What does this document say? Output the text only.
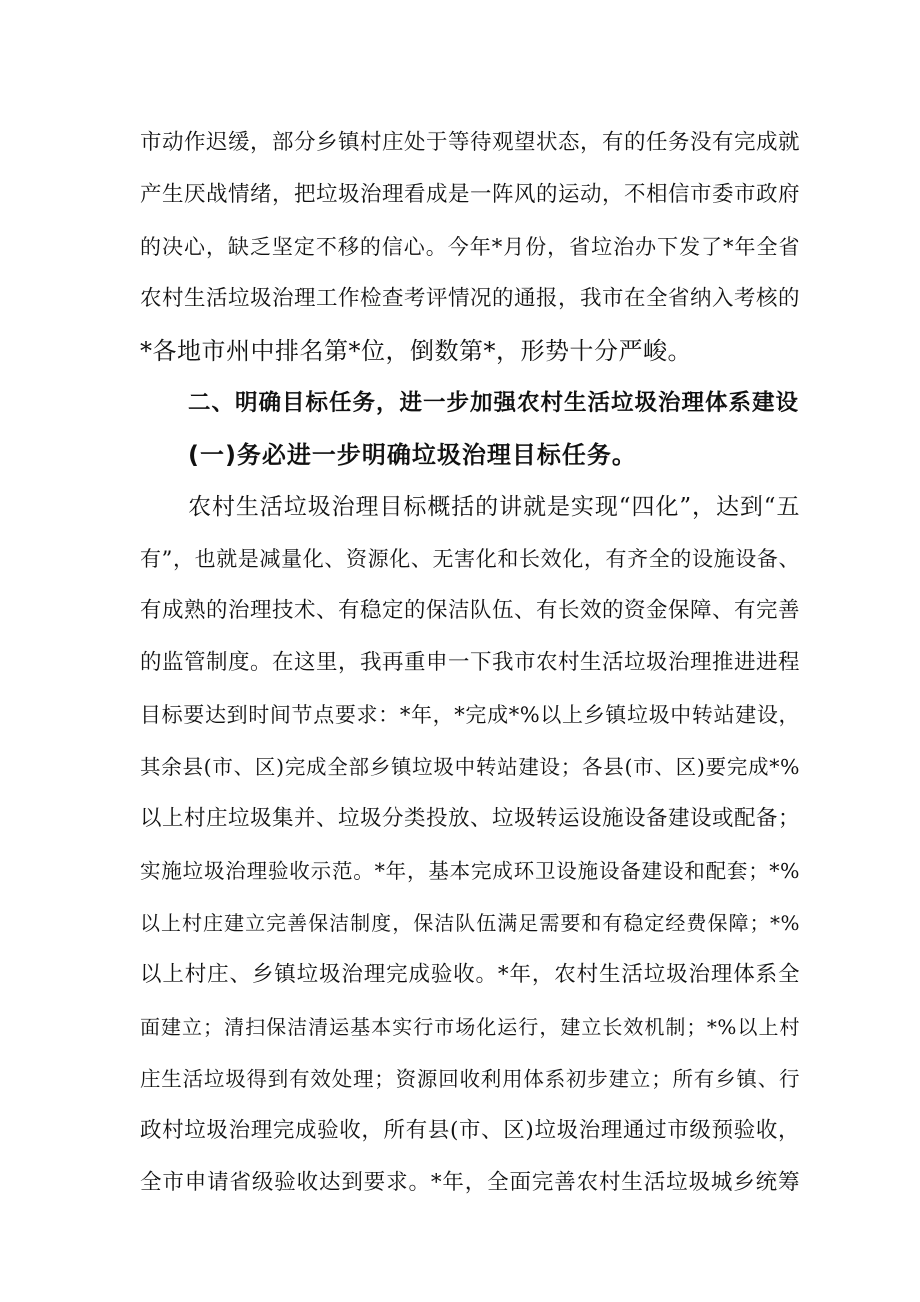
市动作迟缓，部分乡镇村庄处于等待观望状态，有的任务没有完成就
产生厌战情绪，把垃圾治理看成是一阵风的运动，不相信市委市政府
的决心，缺乏坚定不移的信心。今年*月份，省垃治办下发了*年全省
农村生活垃圾治理工作检查考评情况的通报，我市在全省纳入考核的
*各地市州中排名第*位，倒数第*，形势十分严峻。
二、明确目标任务，进一步加强农村生活垃圾治理体系建设
(一)务必进一步明确垃圾治理目标任务。
农村生活垃圾治理目标概括的讲就是实现“四化”，达到“五
有”，也就是减量化、资源化、无害化和长效化，有齐全的设施设备、
有成熟的治理技术、有稳定的保洁队伍、有长效的资金保障、有完善
的监管制度。在这里，我再重申一下我市农村生活垃圾治理推进进程
目标要达到时间节点要求：*年，*完成*%以上乡镇垃圾中转站建设，
其余县(市、区)完成全部乡镇垃圾中转站建设；各县(市、区)要完成*%
以上村庄垃圾集并、垃圾分类投放、垃圾转运设施设备建设或配备；
实施垃圾治理验收示范。*年，基本完成环卫设施设备建设和配套；*%
以上村庄建立完善保洁制度，保洁队伍满足需要和有稳定经费保障；*%
以上村庄、乡镇垃圾治理完成验收。*年，农村生活垃圾治理体系全
面建立；清扫保洁清运基本实行市场化运行，建立长效机制；*%以上村
庄生活垃圾得到有效处理；资源回收利用体系初步建立；所有乡镇、行
政村垃圾治理完成验收，所有县(市、区)垃圾治理通过市级预验收，
全市申请省级验收达到要求。*年，全面完善农村生活垃圾城乡统筹
